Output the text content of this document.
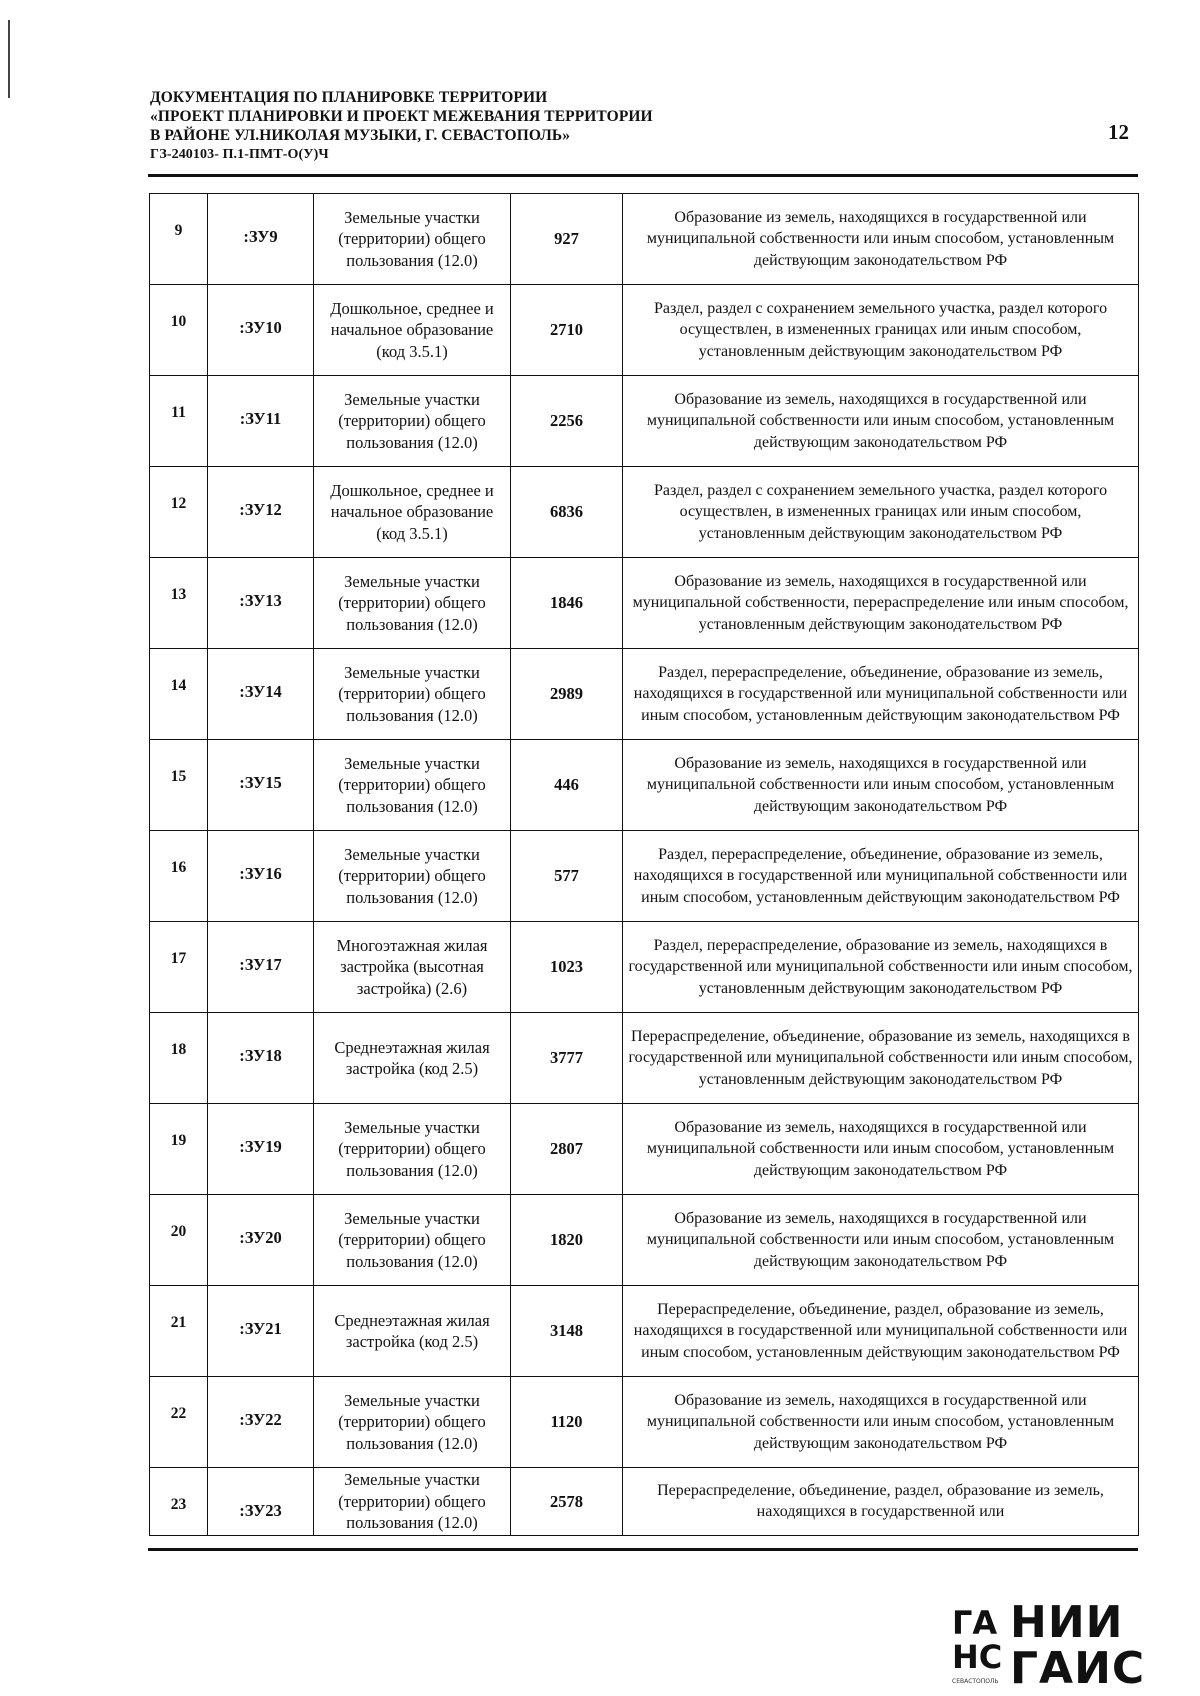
ДОКУМЕНТАЦИЯ ПО ПЛАНИРОВКЕ ТЕРРИТОРИИ
«ПРОЕКТ ПЛАНИРОВКИ И ПРОЕКТ МЕЖЕВАНИЯ ТЕРРИТОРИИ
В РАЙОНЕ УЛ.НИКОЛАЯ МУЗЫКИ, Г. СЕВАСТОПОЛЬ»
ГЗ-240103- П.1-ПМТ-О(У)Ч
12
9	:ЗУ9	Земельные участки (территории) общего пользования (12.0)	927	Образование из земель, находящихся в государственной или муниципальной собственности или иным способом, установленным действующим законодательством РФ
10	:ЗУ10	Дошкольное, среднее и начальное образование (код 3.5.1)	2710	Раздел, раздел с сохранением земельного участка, раздел которого осуществлен, в измененных границах или иным способом, установленным действующим законодательством РФ
11	:ЗУ11	Земельные участки (территории) общего пользования (12.0)	2256	Образование из земель, находящихся в государственной или муниципальной собственности или иным способом, установленным действующим законодательством РФ
12	:ЗУ12	Дошкольное, среднее и начальное образование (код 3.5.1)	6836	Раздел, раздел с сохранением земельного участка, раздел которого осуществлен, в измененных границах или иным способом, установленным действующим законодательством РФ
13	:ЗУ13	Земельные участки (территории) общего пользования (12.0)	1846	Образование из земель, находящихся в государственной или муниципальной собственности, перераспределение или иным способом, установленным действующим законодательством РФ
14	:ЗУ14	Земельные участки (территории) общего пользования (12.0)	2989	Раздел, перераспределение, объединение, образование из земель, находящихся в государственной или муниципальной собственности или иным способом, установленным действующим законодательством РФ
15	:ЗУ15	Земельные участки (территории) общего пользования (12.0)	446	Образование из земель, находящихся в государственной или муниципальной собственности или иным способом, установленным действующим законодательством РФ
16	:ЗУ16	Земельные участки (территории) общего пользования (12.0)	577	Раздел, перераспределение, объединение, образование из земель, находящихся в государственной или муниципальной собственности или иным способом, установленным действующим законодательством РФ
17	:ЗУ17	Многоэтажная жилая застройка (высотная застройка) (2.6)	1023	Раздел, перераспределение, образование из земель, находящихся в государственной или муниципальной собственности или иным способом, установленным действующим законодательством РФ
18	:ЗУ18	Среднеэтажная жилая застройка (код 2.5)	3777	Перераспределение, объединение, образование из земель, находящихся в государственной или муниципальной собственности или иным способом, установленным действующим законодательством РФ
19	:ЗУ19	Земельные участки (территории) общего пользования (12.0)	2807	Образование из земель, находящихся в государственной или муниципальной собственности или иным способом, установленным действующим законодательством РФ
20	:ЗУ20	Земельные участки (территории) общего пользования (12.0)	1820	Образование из земель, находящихся в государственной или муниципальной собственности или иным способом, установленным действующим законодательством РФ
21	:ЗУ21	Среднеэтажная жилая застройка (код 2.5)	3148	Перераспределение, объединение, раздел, образование из земель, находящихся в государственной или муниципальной собственности или иным способом, установленным действующим законодательством РФ
22	:ЗУ22	Земельные участки (территории) общего пользования (12.0)	1120	Образование из земель, находящихся в государственной или муниципальной собственности или иным способом, установленным действующим законодательством РФ
23	:ЗУ23	Земельные участки (территории) общего пользования (12.0)	2578	Перераспределение, объединение, раздел, образование из земель, находящихся в государственной или
ГА
НС
НИИ
ГАИС
СЕВАСТОПОЛЬ
